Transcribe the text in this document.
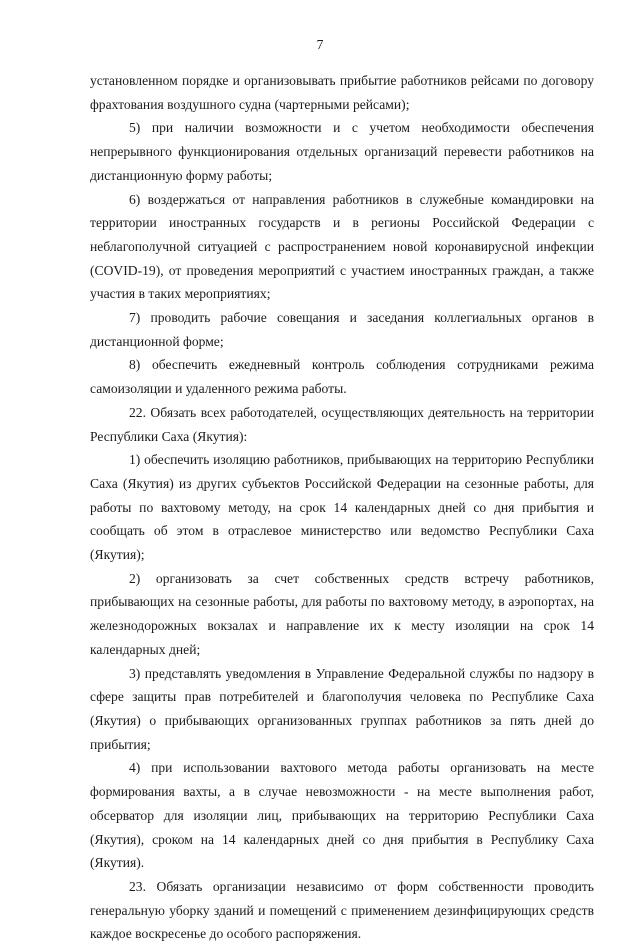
7

установленном порядке и организовывать прибытие работников рейсами по договору фрахтования воздушного судна (чартерными рейсами);

5) при наличии возможности и с учетом необходимости обеспечения непрерывного функционирования отдельных организаций перевести работников на дистанционную форму работы;

6) воздержаться от направления работников в служебные командировки на территории иностранных государств и в регионы Российской Федерации с неблагополучной ситуацией с распространением новой коронавирусной инфекции (COVID-19), от проведения мероприятий с участием иностранных граждан, а также участия в таких мероприятиях;

7) проводить рабочие совещания и заседания коллегиальных органов в дистанционной форме;

8) обеспечить ежедневный контроль соблюдения сотрудниками режима самоизоляции и удаленного режима работы.

22. Обязать всех работодателей, осуществляющих деятельность на территории Республики Саха (Якутия):

1) обеспечить изоляцию работников, прибывающих на территорию Республики Саха (Якутия) из других субъектов Российской Федерации на сезонные работы, для работы по вахтовому методу, на срок 14 календарных дней со дня прибытия и сообщать об этом в отраслевое министерство или ведомство Республики Саха (Якутия);

2) организовать за счет собственных средств встречу работников, прибывающих на сезонные работы, для работы по вахтовому методу, в аэропортах, на железнодорожных вокзалах и направление их к месту изоляции на срок 14 календарных дней;

3) представлять уведомления в Управление Федеральной службы по надзору в сфере защиты прав потребителей и благополучия человека по Республике Саха (Якутия) о прибывающих организованных группах работников за пять дней до прибытия;

4) при использовании вахтового метода работы организовать на месте формирования вахты, а в случае невозможности - на месте выполнения работ, обсерватор для изоляции лиц, прибывающих на территорию Республики Саха (Якутия), сроком на 14 календарных дней со дня прибытия в Республику Саха (Якутия).

23. Обязать организации независимо от форм собственности проводить генеральную уборку зданий и помещений с применением дезинфицирующих средств каждое воскресенье до особого распоряжения.
